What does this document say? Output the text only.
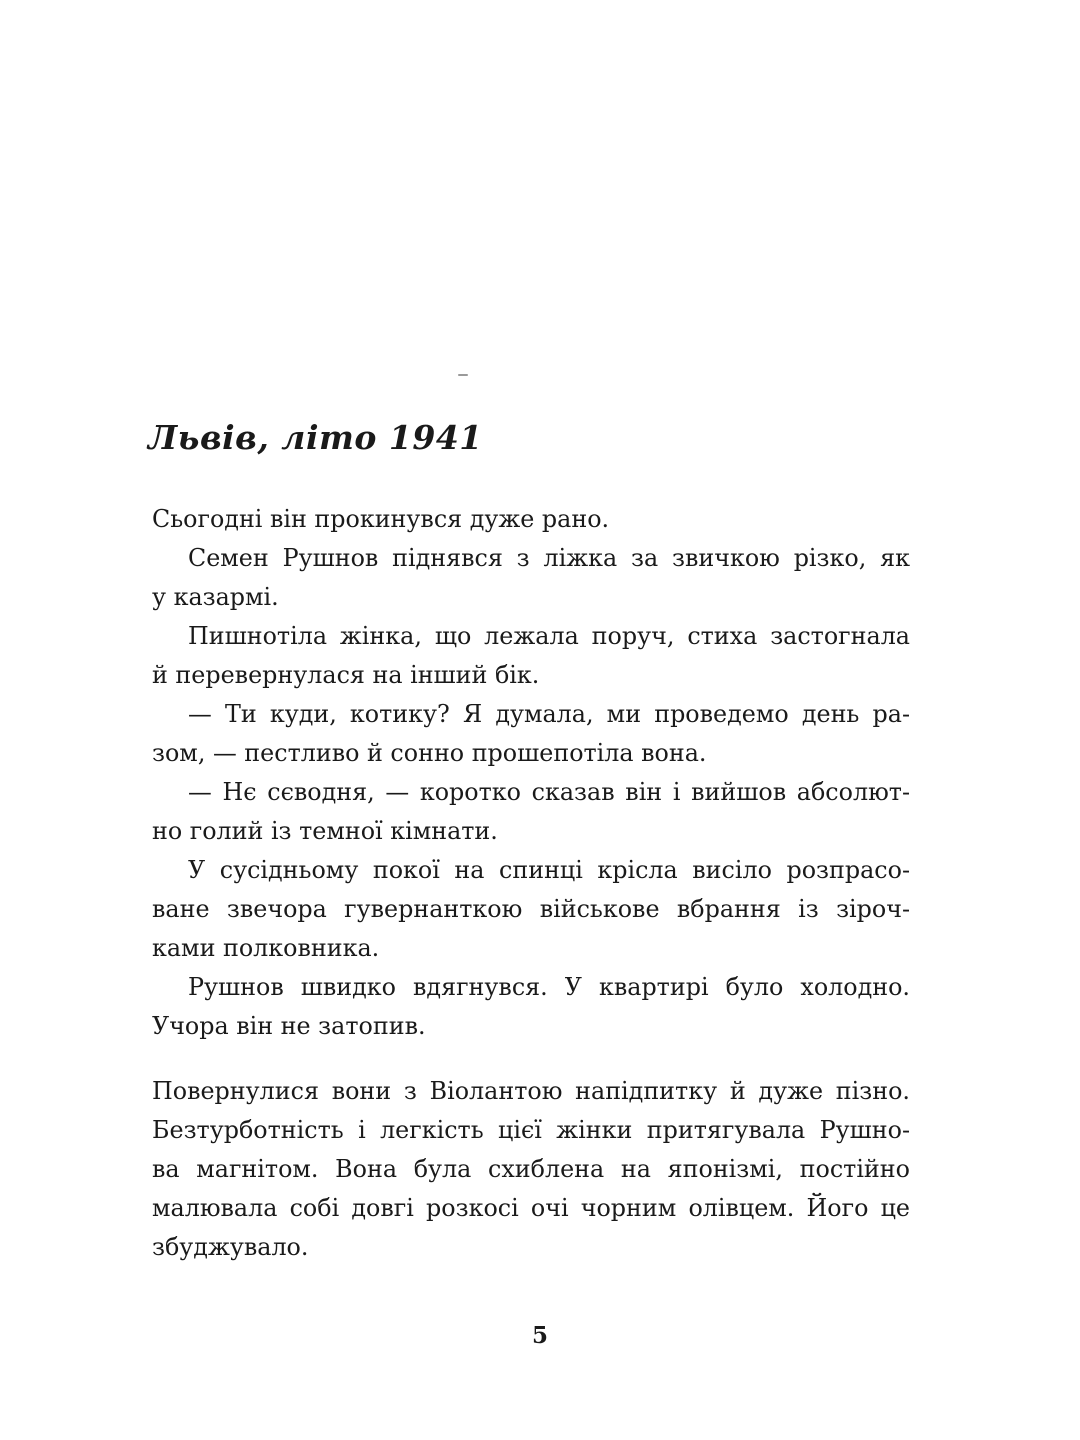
Львів, літо 1941

Сьогодні він прокинувся дуже рано.

Семен Рушнов піднявся з ліжка за звичкою різко, як
у казармі.

Пишнотіла жінка, що лежала поруч, стиха застогнала
й перевернулася на інший бік.

— Ти куди, котику? Я думала, ми проведемо день ра-
зом, — пестливо й сонно прошепотіла вона.

— Нє сєводня, — коротко сказав він і вийшов абсолют-
но голий із темної кімнати.

У сусідньому покої на спинці крісла висіло розпрасо-
ване звечора гувернанткою військове вбрання із зіроч-
ками полковника.

Рушнов швидко вдягнувся. У квартирі було холодно.
Учора він не затопив.

Повернулися вони з Віолантою напідпитку й дуже пізно.
Безтурботність і легкість цієї жінки притягувала Рушно-
ва магнітом. Вона була схиблена на японізмі, постійно
малювала собі довгі розкосі очі чорним олівцем. Його це
збуджувало.

5
